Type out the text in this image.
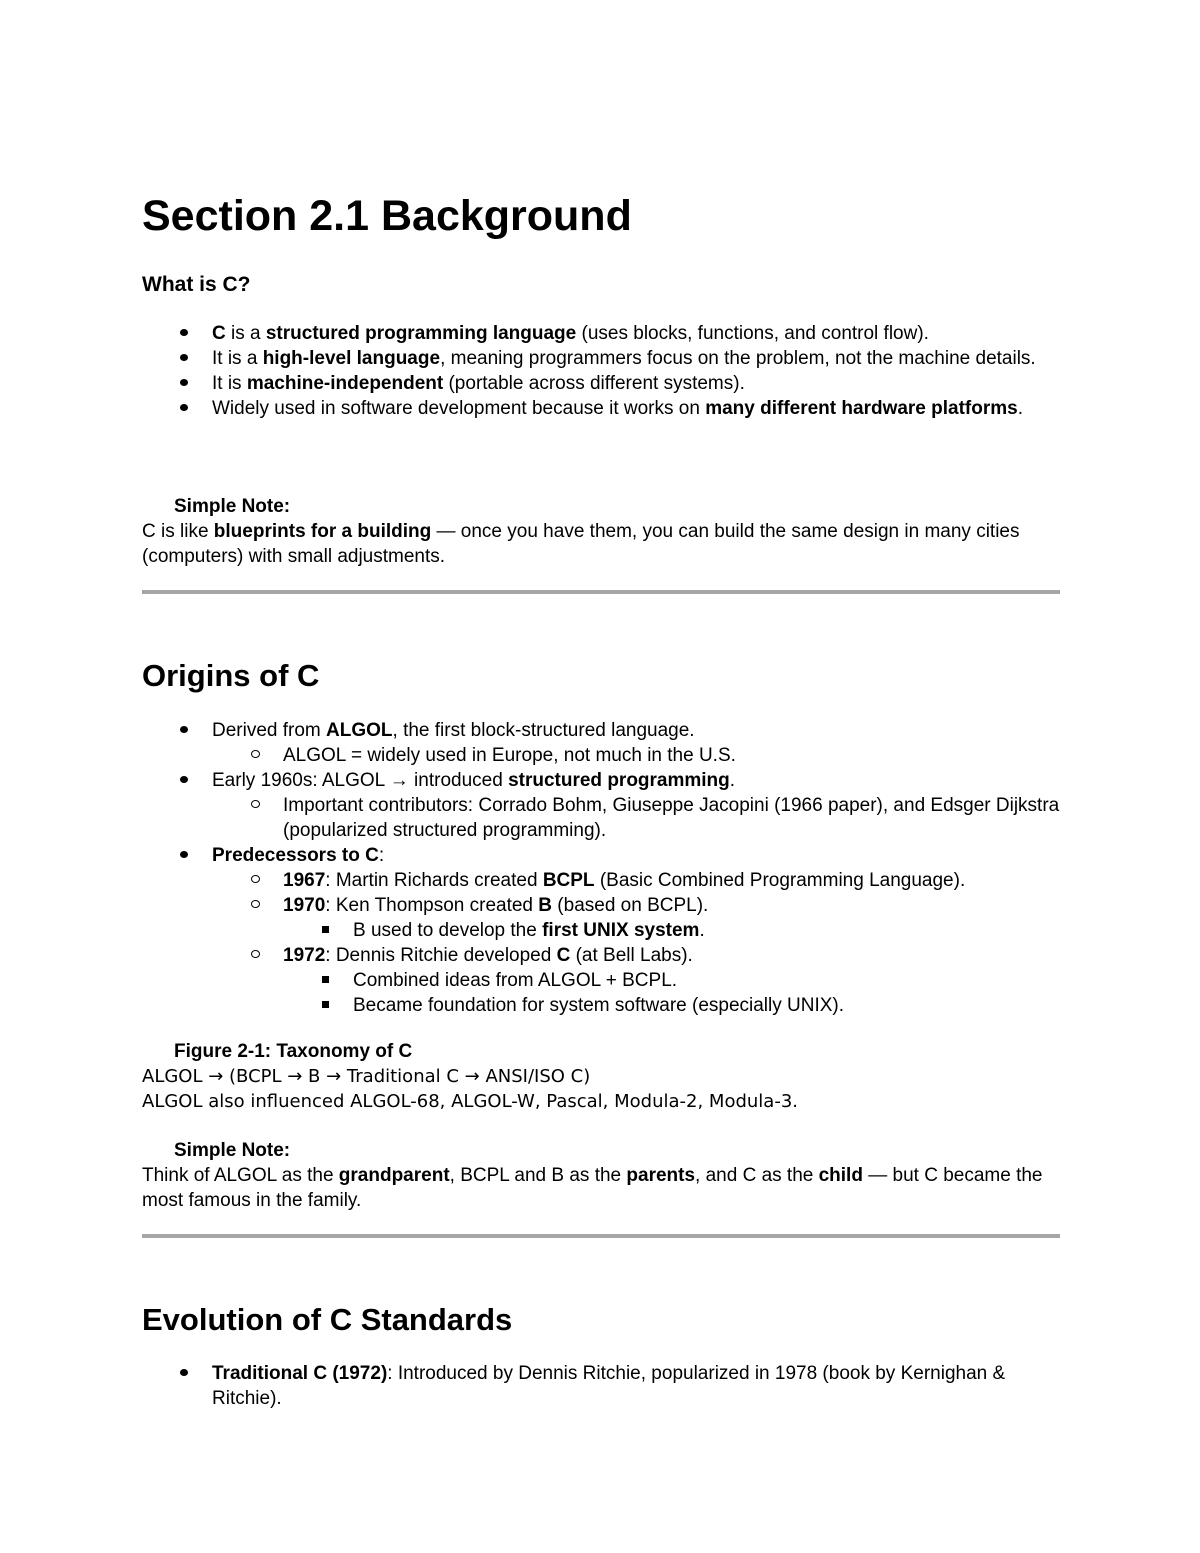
Section 2.1 Background
What is C?
C is a structured programming language (uses blocks, functions, and control flow).
It is a high-level language, meaning programmers focus on the problem, not the machine details.
It is machine-independent (portable across different systems).
Widely used in software development because it works on many different hardware platforms.
Simple Note:
C is like blueprints for a building — once you have them, you can build the same design in many cities (computers) with small adjustments.
Origins of C
Derived from ALGOL, the first block-structured language.
ALGOL = widely used in Europe, not much in the U.S.
Early 1960s: ALGOL → introduced structured programming.
Important contributors: Corrado Bohm, Giuseppe Jacopini (1966 paper), and Edsger Dijkstra (popularized structured programming).
Predecessors to C:
1967: Martin Richards created BCPL (Basic Combined Programming Language).
1970: Ken Thompson created B (based on BCPL).
B used to develop the first UNIX system.
1972: Dennis Ritchie developed C (at Bell Labs).
Combined ideas from ALGOL + BCPL.
Became foundation for system software (especially UNIX).
Figure 2-1: Taxonomy of C
ALGOL → (BCPL → B → Traditional C → ANSI/ISO C)
ALGOL also influenced ALGOL-68, ALGOL-W, Pascal, Modula-2, Modula-3.
Simple Note:
Think of ALGOL as the grandparent, BCPL and B as the parents, and C as the child — but C became the most famous in the family.
Evolution of C Standards
Traditional C (1972): Introduced by Dennis Ritchie, popularized in 1978 (book by Kernighan & Ritchie).
